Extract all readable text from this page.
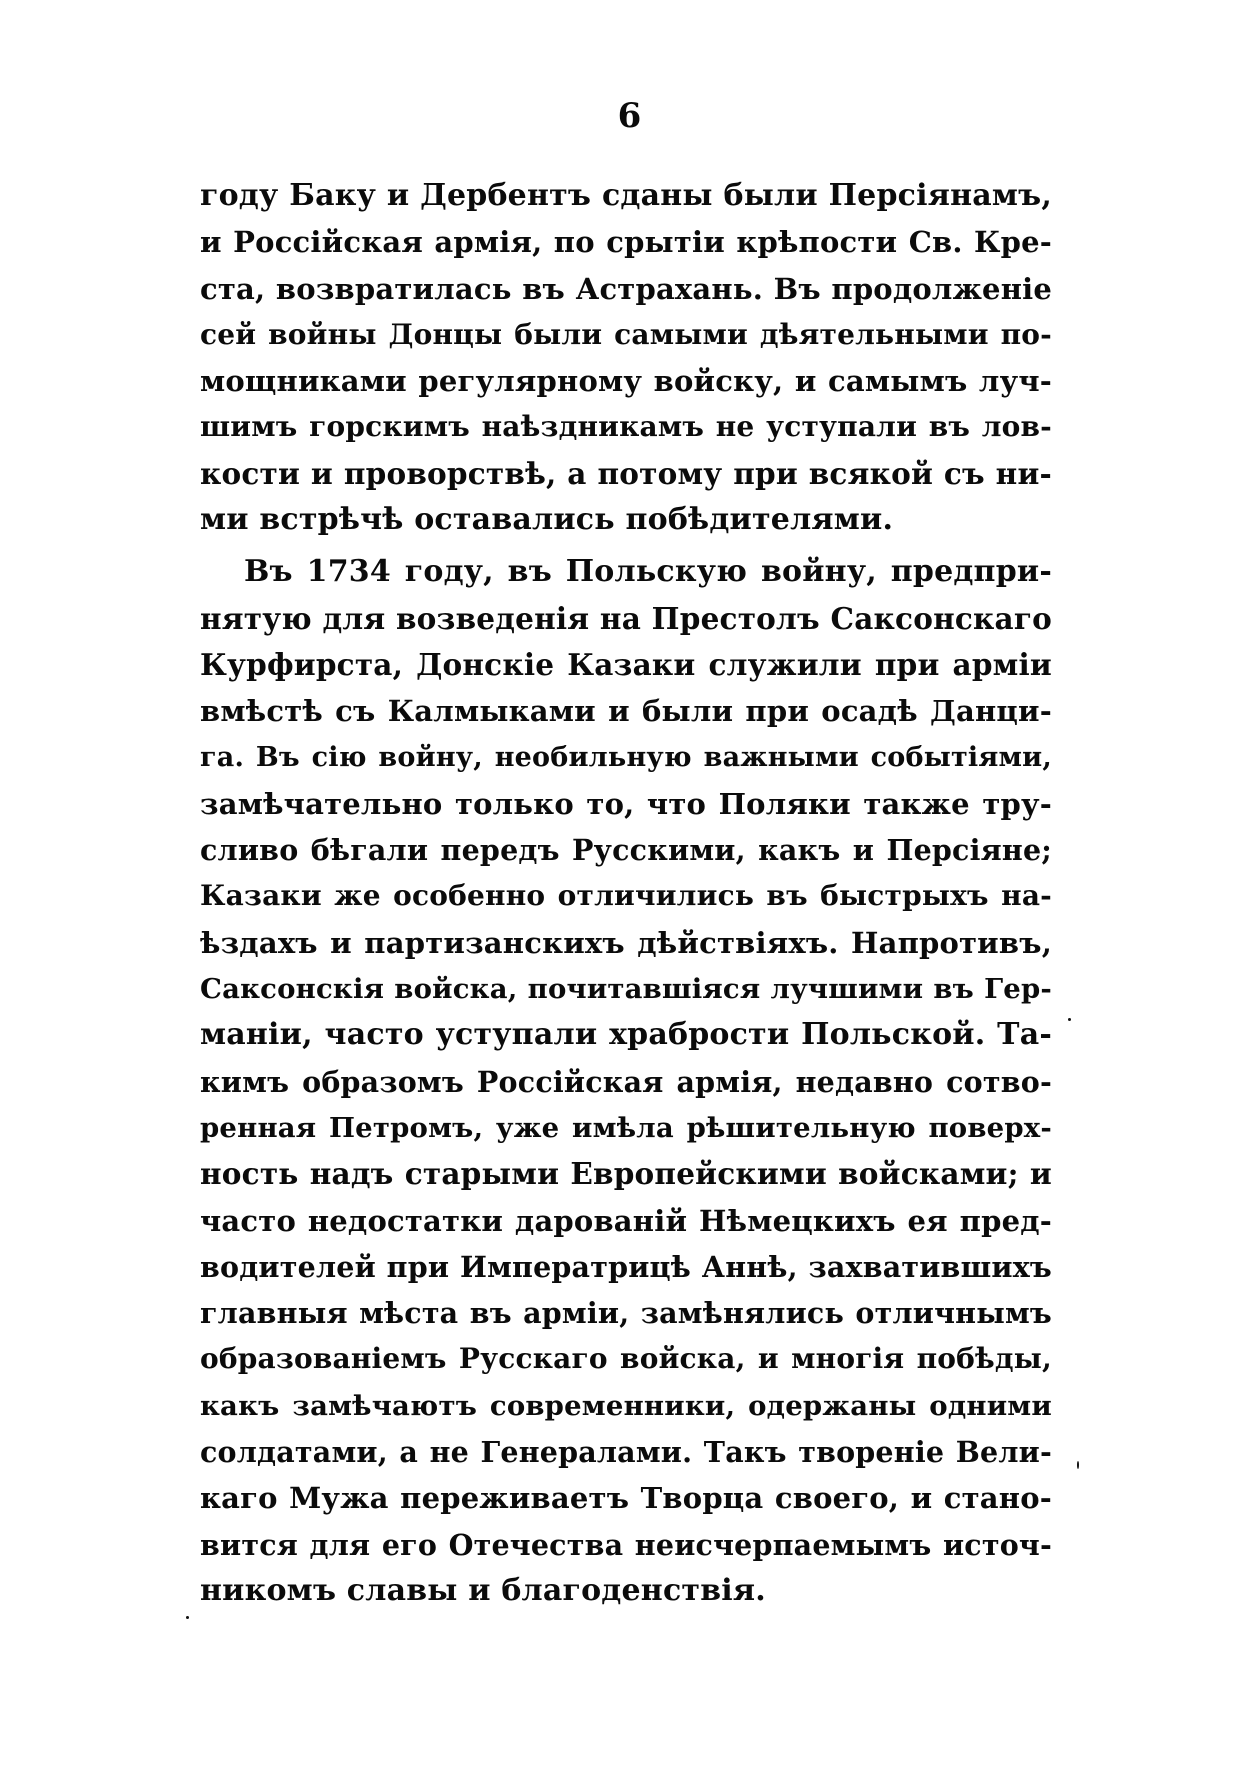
6
году Баку и Дербентъ сданы были Персіянамъ,
и Россійская армія, по срытіи крѣпости Св. Кре-
ста, возвратилась въ Астрахань. Въ продолженіе
сей войны Донцы были самыми дѣятельными по-
мощниками регулярному войску, и самымъ луч-
шимъ горскимъ наѣздникамъ не уступали въ лов-
кости и проворствѣ, а потому при всякой съ ни-
ми встрѣчѣ оставались побѣдителями.
Въ 1734 году, въ Польскую войну, предпри-
нятую для возведенія на Престолъ Саксонскаго
Курфирста, Донскіе Казаки служили при арміи
вмѣстѣ съ Калмыками и были при осадѣ Данци-
га. Въ сію войну, необильную важными событіями,
замѣчательно только то, что Поляки также тру-
сливо бѣгали передъ Русскими, какъ и Персіяне;
Казаки же особенно отличились въ быстрыхъ на-
ѣздахъ и партизанскихъ дѣйствіяхъ. Напротивъ,
Саксонскія войска, почитавшіяся лучшими въ Гер-
маніи, часто уступали храбрости Польской. Та-
кимъ образомъ Россійская армія, недавно сотво-
ренная Петромъ, уже имѣла рѣшительную поверх-
ность надъ старыми Европейскими войсками; и
часто недостатки дарованій Нѣмецкихъ ея пред-
водителей при Императрицѣ Аннѣ, захватившихъ
главныя мѣста въ арміи, замѣнялись отличнымъ
образованіемъ Русскаго войска, и многія побѣды,
какъ замѣчаютъ современники, одержаны одними
солдатами, а не Генералами. Такъ твореніе Вели-
каго Мужа переживаетъ Творца своего, и стано-
вится для его Отечества неисчерпаемымъ источ-
никомъ славы и благоденствія.
